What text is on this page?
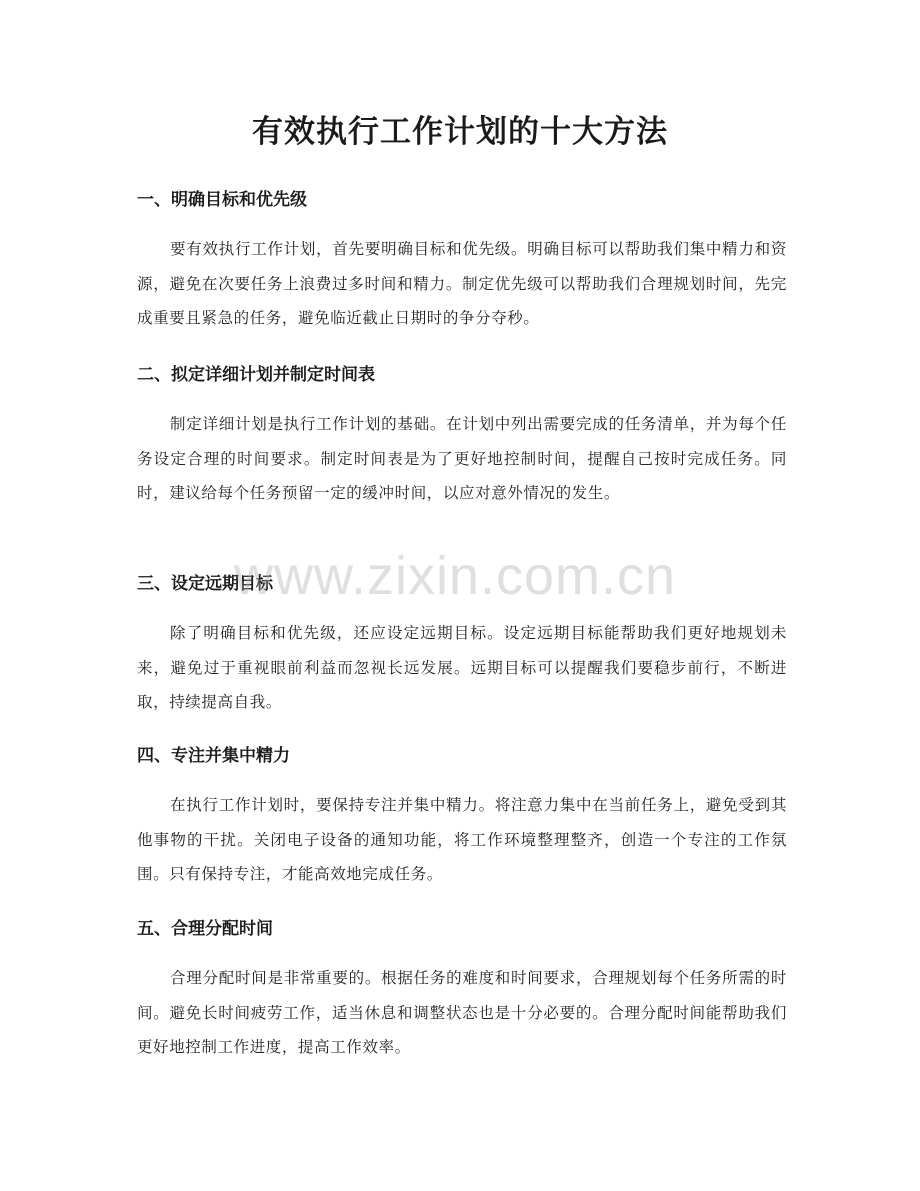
有效执行工作计划的十大方法
一、明确目标和优先级

要有效执行工作计划，首先要明确目标和优先级。明确目标可以帮助我们集中精力和资源，避免在次要任务上浪费过多时间和精力。制定优先级可以帮助我们合理规划时间，先完成重要且紧急的任务，避免临近截止日期时的争分夺秒。

二、拟定详细计划并制定时间表

制定详细计划是执行工作计划的基础。在计划中列出需要完成的任务清单，并为每个任务设定合理的时间要求。制定时间表是为了更好地控制时间，提醒自己按时完成任务。同时，建议给每个任务预留一定的缓冲时间，以应对意外情况的发生。

三、设定远期目标

除了明确目标和优先级，还应设定远期目标。设定远期目标能帮助我们更好地规划未来，避免过于重视眼前利益而忽视长远发展。远期目标可以提醒我们要稳步前行，不断进取，持续提高自我。

四、专注并集中精力

在执行工作计划时，要保持专注并集中精力。将注意力集中在当前任务上，避免受到其他事物的干扰。关闭电子设备的通知功能，将工作环境整理整齐，创造一个专注的工作氛围。只有保持专注，才能高效地完成任务。

五、合理分配时间

合理分配时间是非常重要的。根据任务的难度和时间要求，合理规划每个任务所需的时间。避免长时间疲劳工作，适当休息和调整状态也是十分必要的。合理分配时间能帮助我们更好地控制工作进度，提高工作效率。

www.zixin.com.cn
